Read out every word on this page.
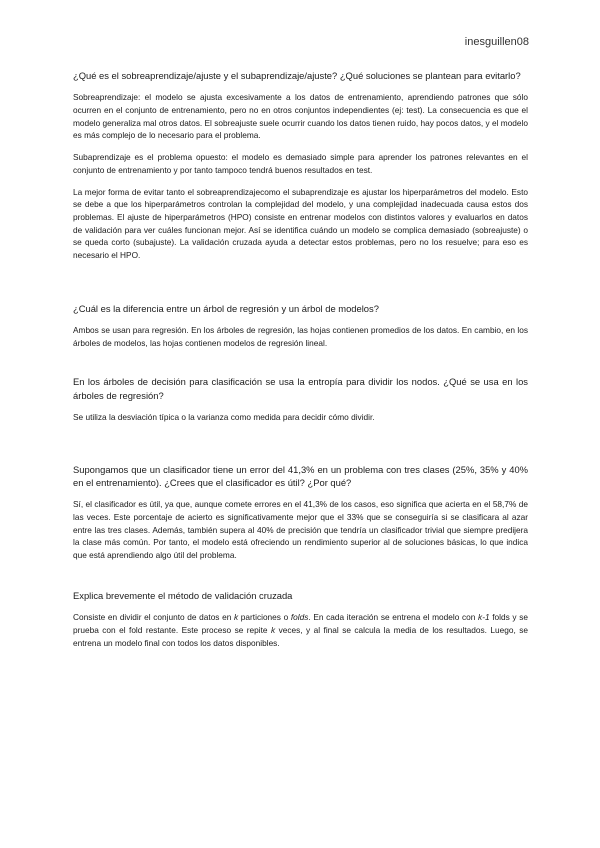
inesguillen08

¿Qué es el sobreaprendizaje/ajuste y el subaprendizaje/ajuste? ¿Qué soluciones se plantean para evitarlo?

Sobreaprendizaje: el modelo se ajusta excesivamente a los datos de entrenamiento, aprendiendo patrones que sólo ocurren en el conjunto de entrenamiento, pero no en otros conjuntos independientes (ej: test). La consecuencia es que el modelo generaliza mal otros datos. El sobreajuste suele ocurrir cuando los datos tienen ruido, hay pocos datos, y el modelo es más complejo de lo necesario para el problema.

Subaprendizaje es el problema opuesto: el modelo es demasiado simple para aprender los patrones relevantes en el conjunto de entrenamiento y por tanto tampoco tendrá buenos resultados en test.

La mejor forma de evitar tanto el sobreaprendizajecomo el subaprendizaje es ajustar los hiperparámetros del modelo. Esto se debe a que los hiperparámetros controlan la complejidad del modelo, y una complejidad inadecuada causa estos dos problemas. El ajuste de hiperparámetros (HPO) consiste en entrenar modelos con distintos valores y evaluarlos en datos de validación para ver cuáles funcionan mejor. Así se identifica cuándo un modelo se complica demasiado (sobreajuste) o se queda corto (subajuste). La validación cruzada ayuda a detectar estos problemas, pero no los resuelve; para eso es necesario el HPO.

¿Cuál es la diferencia entre un árbol de regresión y un árbol de modelos?

Ambos se usan para regresión. En los árboles de regresión, las hojas contienen promedios de los datos. En cambio, en los árboles de modelos, las hojas contienen modelos de regresión lineal.

En los árboles de decisión para clasificación se usa la entropía para dividir los nodos. ¿Qué se usa en los árboles de regresión?

Se utiliza la desviación típica o la varianza como medida para decidir cómo dividir.

Supongamos que un clasificador tiene un error del 41,3% en un problema con tres clases (25%, 35% y 40% en el entrenamiento). ¿Crees que el clasificador es útil? ¿Por qué?

Sí, el clasificador es útil, ya que, aunque comete errores en el 41,3% de los casos, eso significa que acierta en el 58,7% de las veces. Este porcentaje de acierto es significativamente mejor que el 33% que se conseguiría si se clasificara al azar entre las tres clases. Además, también supera al 40% de precisión que tendría un clasificador trivial que siempre predijera la clase más común. Por tanto, el modelo está ofreciendo un rendimiento superior al de soluciones básicas, lo que indica que está aprendiendo algo útil del problema.

Explica brevemente el método de validación cruzada

Consiste en dividir el conjunto de datos en k particiones o folds. En cada iteración se entrena el modelo con k-1 folds y se prueba con el fold restante. Este proceso se repite k veces, y al final se calcula la media de los resultados. Luego, se entrena un modelo final con todos los datos disponibles.
